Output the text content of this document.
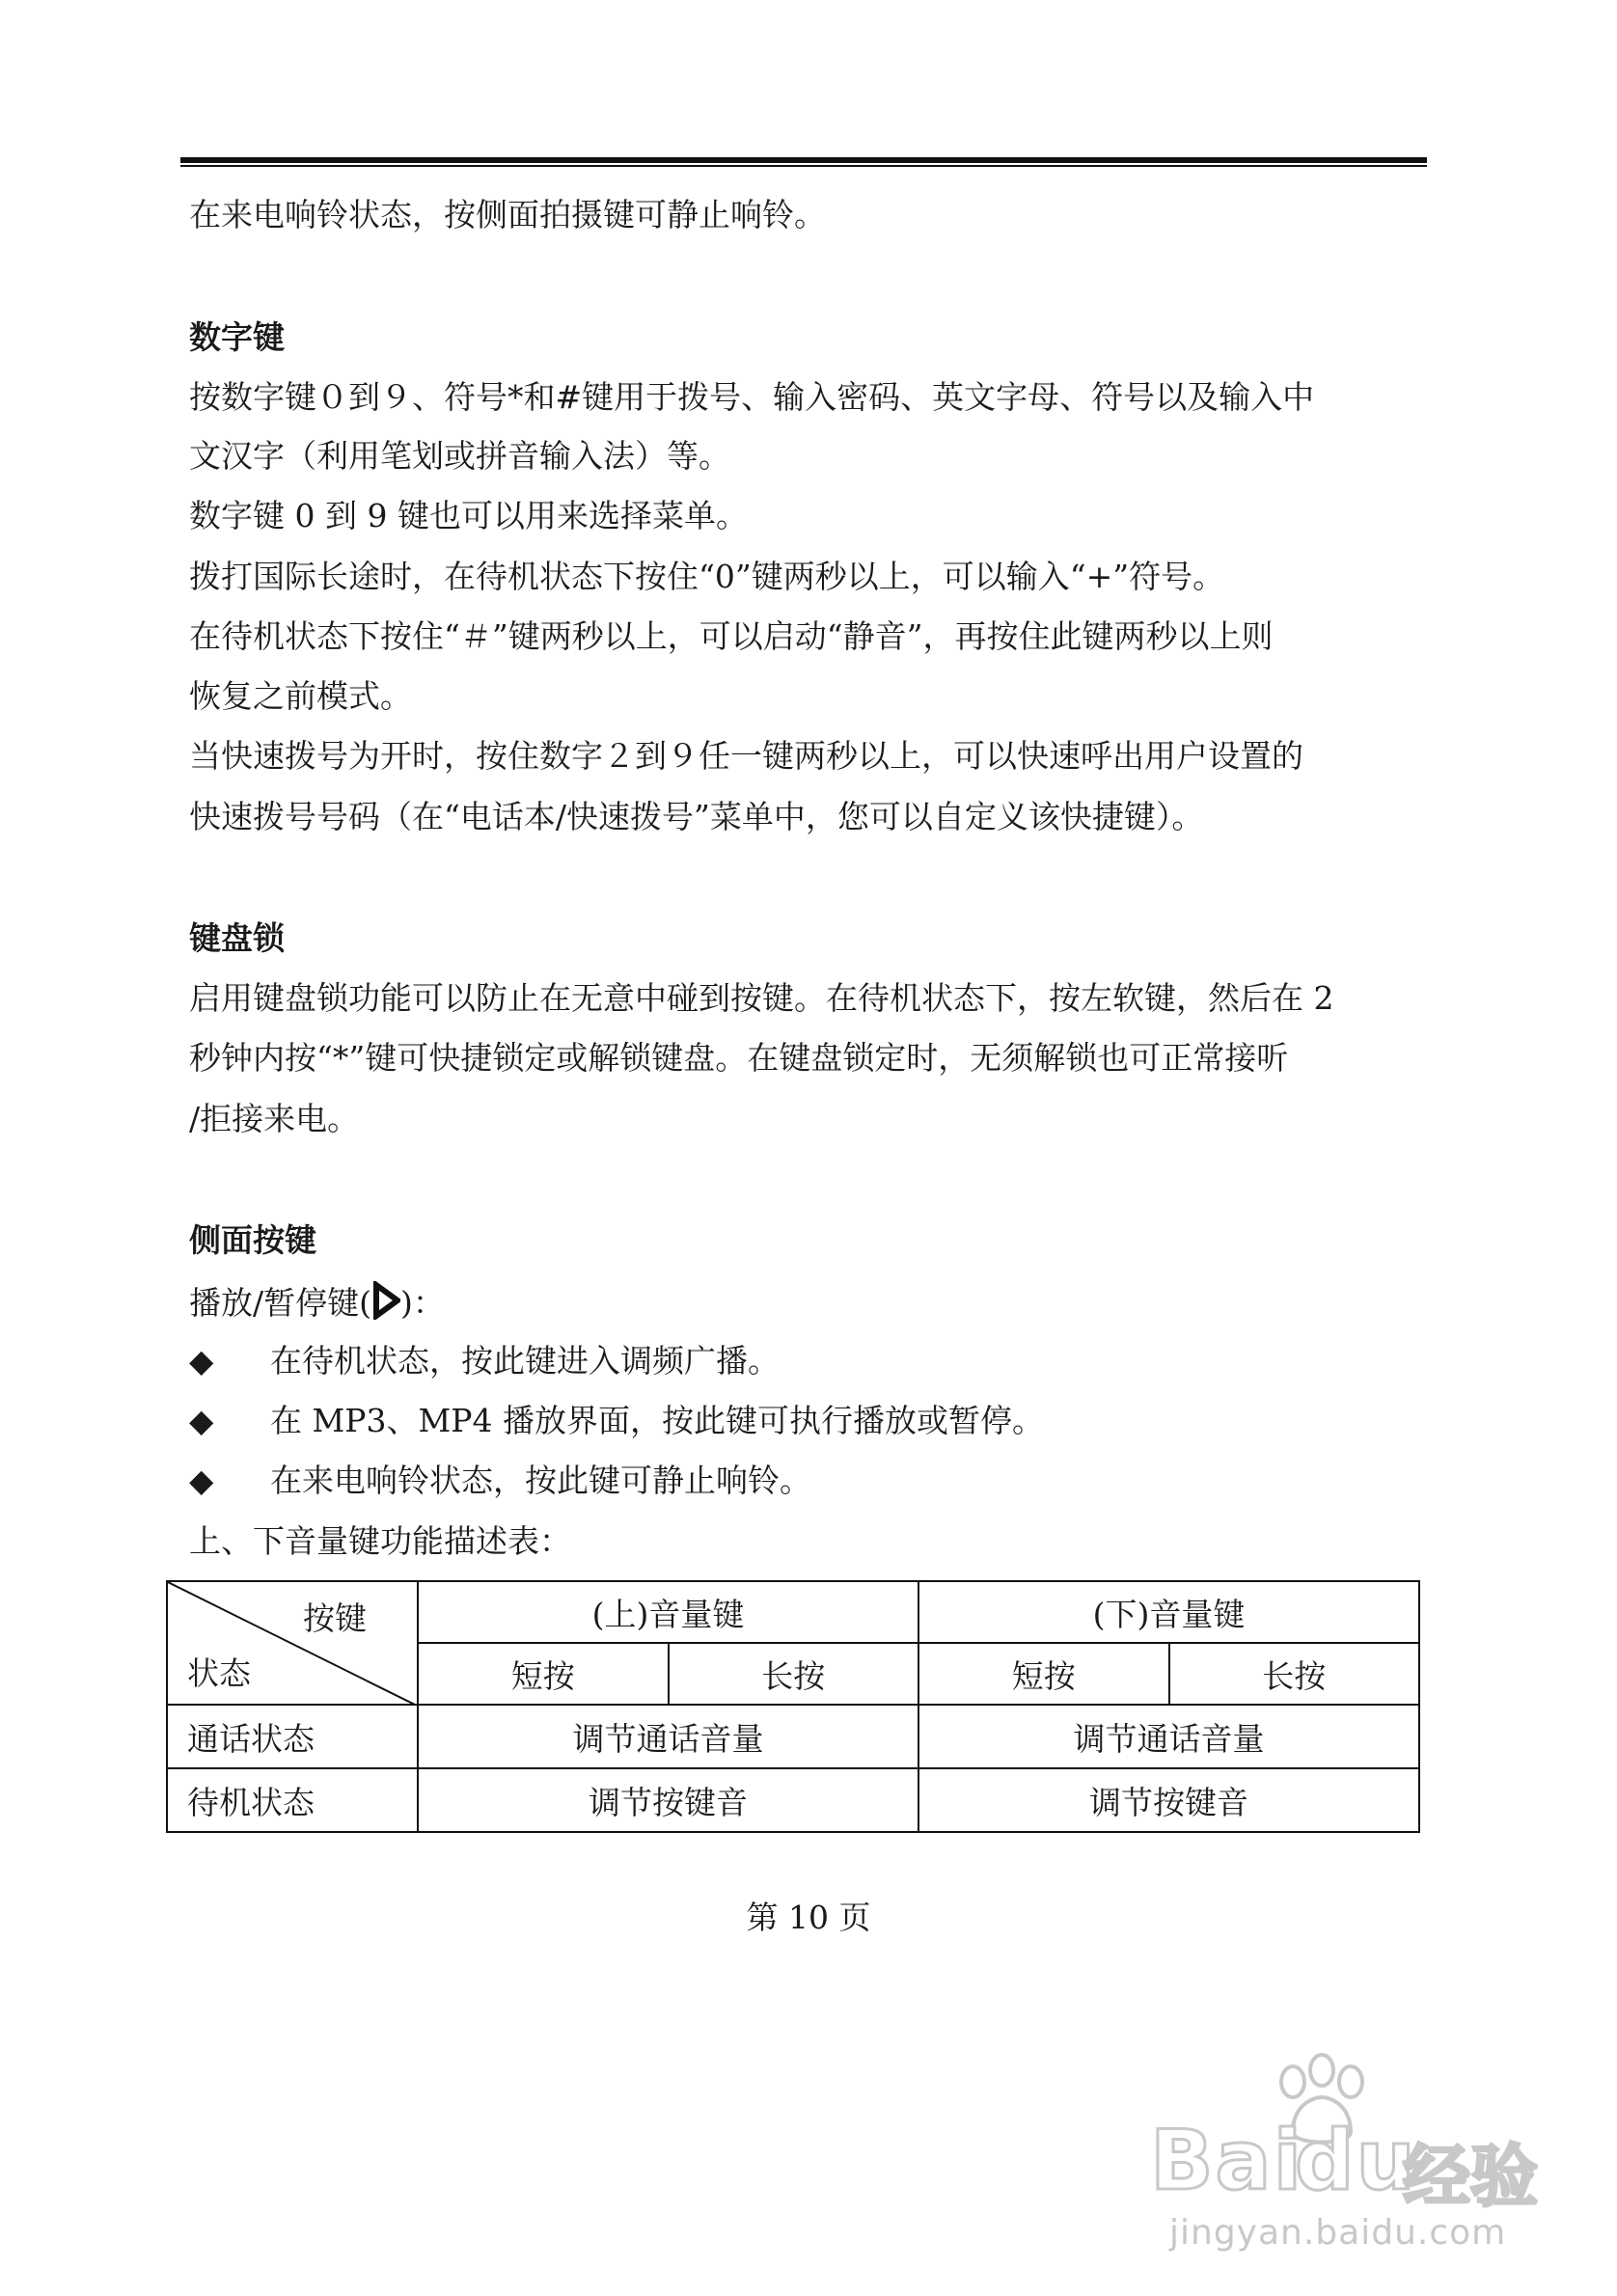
在来电响铃状态，按侧面拍摄键可静止响铃。
数字键
按数字键０到９、符号*和#键用于拨号、输入密码、英文字母、符号以及输入中
文汉字（利用笔划或拼音输入法）等。
数字键 0 到 9 键也可以用来选择菜单。
拨打国际长途时，在待机状态下按住“0”键两秒以上，可以输入“+”符号。
在待机状态下按住“＃”键两秒以上，可以启动“静音”，再按住此键两秒以上则
恢复之前模式。
当快速拨号为开时，按住数字２到９任一键两秒以上，可以快速呼出用户设置的
快速拨号号码（在“电话本/快速拨号”菜单中，您可以自定义该快捷键）。
键盘锁
启用键盘锁功能可以防止在无意中碰到按键。在待机状态下，按左软键，然后在 2
秒钟内按“*”键可快捷锁定或解锁键盘。在键盘锁定时，无须解锁也可正常接听
/拒接来电。
侧面按键
播放/暂停键( )：
◆ 在待机状态，按此键进入调频广播。
◆ 在 MP3、MP4 播放界面，按此键可执行播放或暂停。
◆ 在来电响铃状态，按此键可静止响铃。
上、下音量键功能描述表：
按键
状态	(上)音量键		(下)音量键	
	短按	长按	短按	长按
通话状态	调节通话音量		调节通话音量	
待机状态	调节按键音		调节按键音	
第 10 页
Bai
du
经验
jingyan.baidu.com
